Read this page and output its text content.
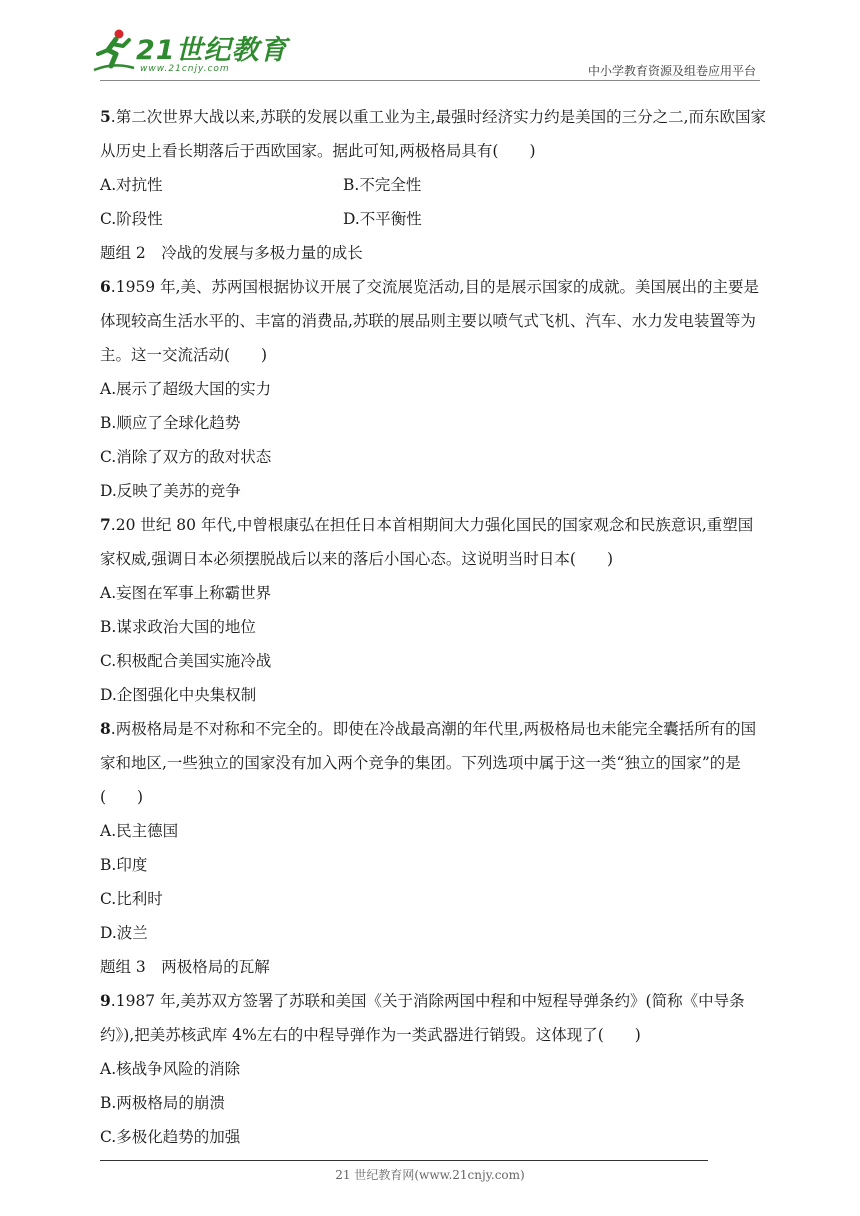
21世纪教育
www.21cnjy.com	中小学教育资源及组卷应用平台

5.第二次世界大战以来,苏联的发展以重工业为主,最强时经济实力约是美国的三分之二,而东欧国家从历史上看长期落后于西欧国家。据此可知,两极格局具有(　　)

A.对抗性	B.不完全性
C.阶段性	D.不平衡性

题组 2　冷战的发展与多极力量的成长

6.1959 年,美、苏两国根据协议开展了交流展览活动,目的是展示国家的成就。美国展出的主要是体现较高生活水平的、丰富的消费品,苏联的展品则主要以喷气式飞机、汽车、水力发电装置等为主。这一交流活动(　　)

A.展示了超级大国的实力

B.顺应了全球化趋势

C.消除了双方的敌对状态

D.反映了美苏的竞争

7.20 世纪 80 年代,中曾根康弘在担任日本首相期间大力强化国民的国家观念和民族意识,重塑国家权威,强调日本必须摆脱战后以来的落后小国心态。这说明当时日本(　　)

A.妄图在军事上称霸世界

B.谋求政治大国的地位

C.积极配合美国实施冷战

D.企图强化中央集权制

8.两极格局是不对称和不完全的。即使在冷战最高潮的年代里,两极格局也未能完全囊括所有的国家和地区,一些独立的国家没有加入两个竞争的集团。下列选项中属于这一类“独立的国家”的是(　　)

A.民主德国

B.印度

C.比利时

D.波兰

题组 3　两极格局的瓦解

9.1987 年,美苏双方签署了苏联和美国《关于消除两国中程和中短程导弹条约》(简称《中导条约》),把美苏核武库 4%左右的中程导弹作为一类武器进行销毁。这体现了(　　)

A.核战争风险的消除

B.两极格局的崩溃

C.多极化趋势的加强

21 世纪教育网(www.21cnjy.com)
